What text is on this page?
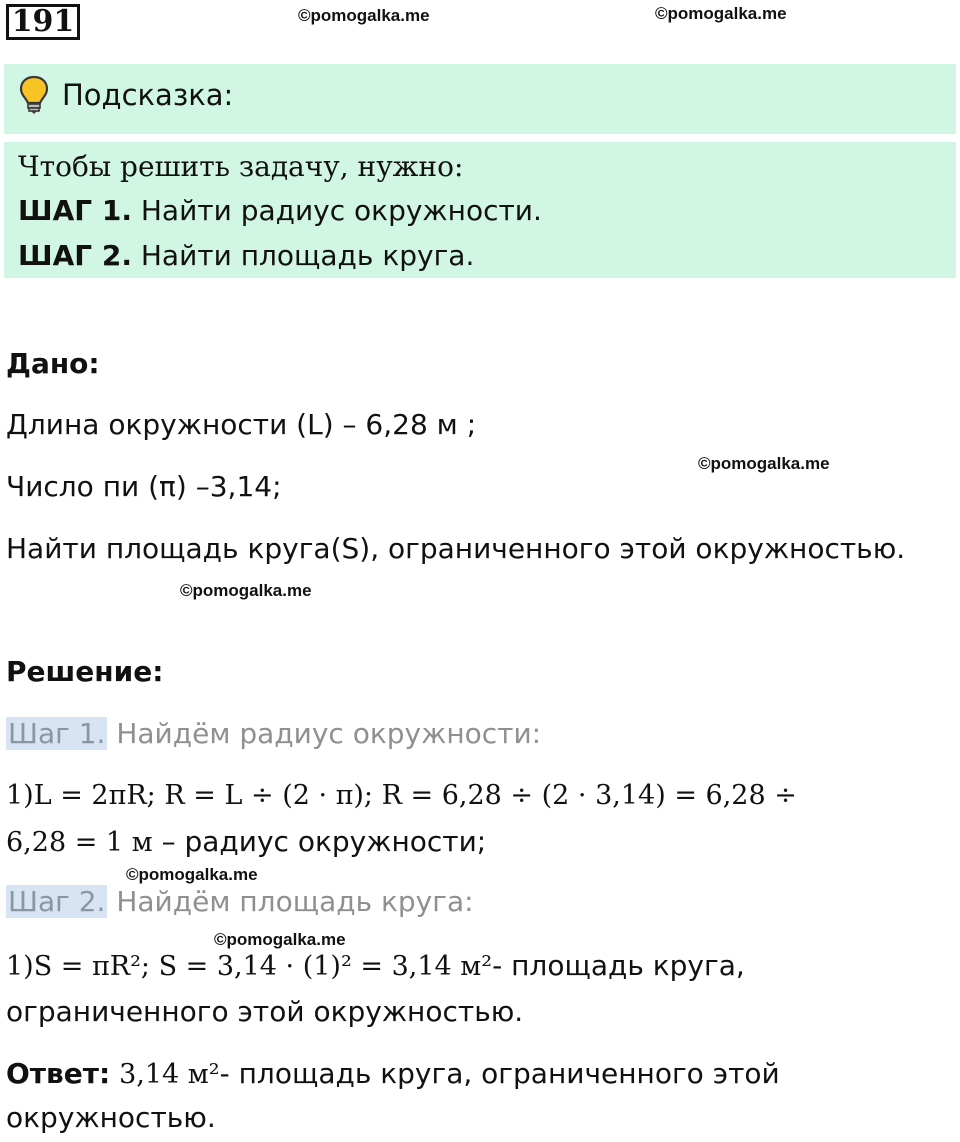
191	©pomogalka.me	©pomogalka.me
©pomogalka.me
©pomogalka.me
©pomogalka.me
©pomogalka.me
Подсказка:
Чтобы решить задачу, нужно:
ШАГ 1. Найти радиус окружности.
ШАГ 2. Найти площадь круга.
Дано:
Длина окружности (L) – 6,28 м ;
Число пи (π) –3,14;
Найти площадь круга(S), ограниченного этой окружностью.
Решение:
Шаг 1. Найдём радиус окружности:
1)L = 2πR; R = L ÷ (2 · π); R = 6,28 ÷ (2 · 3,14) = 6,28 ÷
6,28 = 1 м – радиус окружности;
Шаг 2. Найдём площадь круга:
1)S = πR²; S = 3,14 · (1)² = 3,14 м²- площадь круга,
ограниченного этой окружностью.
Ответ: 3,14 м²- площадь круга, ограниченного этой
окружностью.
